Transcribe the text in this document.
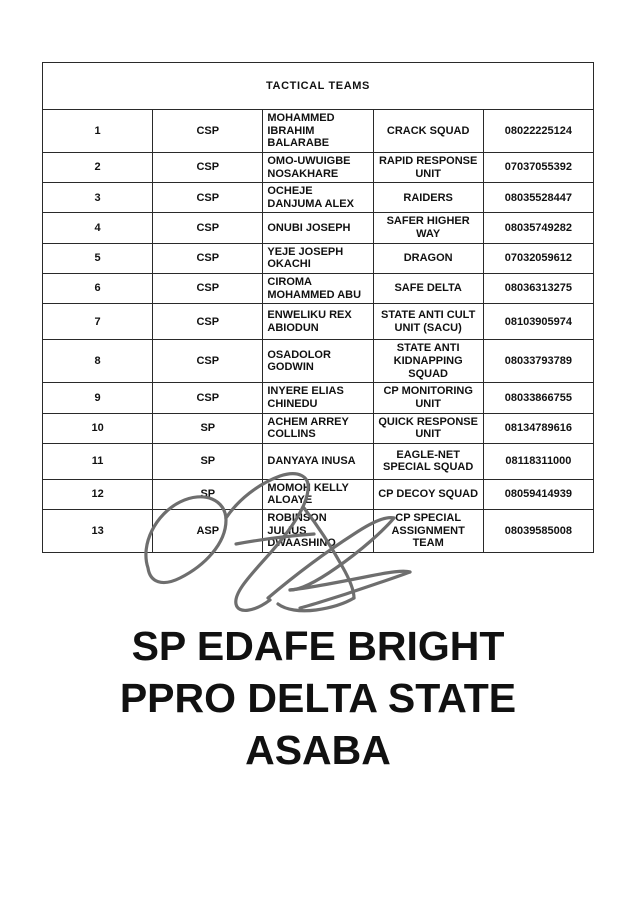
TACTICAL TEAMS				
1	CSP	MOHAMMED IBRAHIM BALARABE	CRACK SQUAD	08022225124
2	CSP	OMO-UWUIGBE NOSAKHARE	RAPID RESPONSE UNIT	07037055392
3	CSP	OCHEJE DANJUMA ALEX	RAIDERS	08035528447
4	CSP	ONUBI JOSEPH	SAFER HIGHER WAY	08035749282
5	CSP	YEJE JOSEPH OKACHI	DRAGON	07032059612
6	CSP	CIROMA MOHAMMED ABU	SAFE DELTA	08036313275
7	CSP	ENWELIKU REX ABIODUN	STATE ANTI CULT UNIT (SACU)	08103905974
8	CSP	OSADOLOR GODWIN	STATE ANTI KIDNAPPING SQUAD	08033793789
9	CSP	INYERE ELIAS CHINEDU	CP MONITORING UNIT	08033866755
10	SP	ACHEM ARREY COLLINS	QUICK RESPONSE UNIT	08134789616
11	SP	DANYAYA INUSA	EAGLE-NET SPECIAL SQUAD	08118311000
12	SP	MOMOH KELLY ALOAYE	CP DECOY SQUAD	08059414939
13	ASP	ROBINSON JULIUS DWAASHINO	CP SPECIAL ASSIGNMENT TEAM	08039585008
SP EDAFE BRIGHT
PPRO DELTA STATE
ASABA
